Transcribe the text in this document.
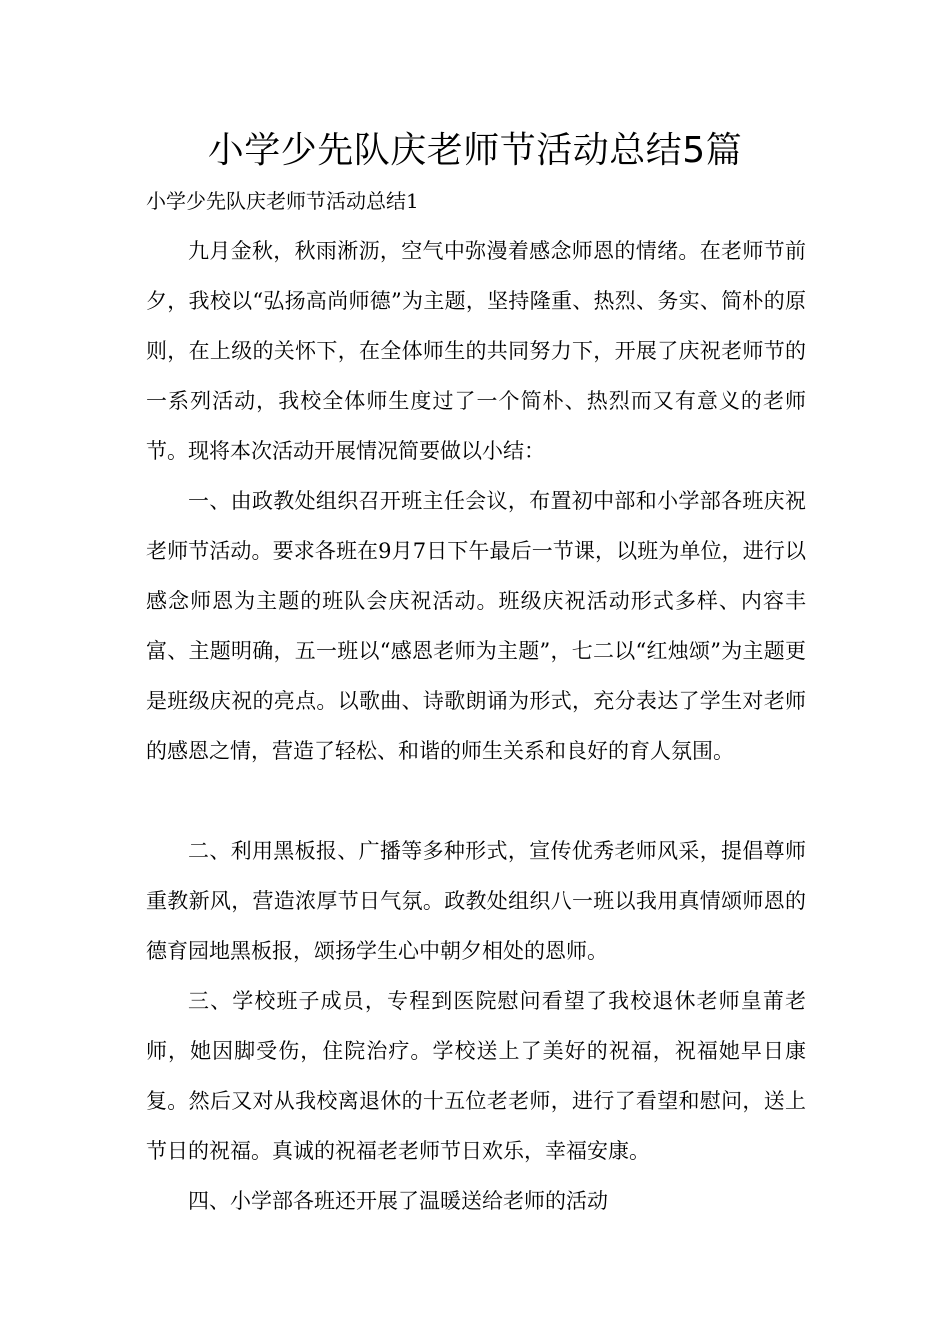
小学少先队庆老师节活动总结5篇
小学少先队庆老师节活动总结1

九月金秋，秋雨淅沥，空气中弥漫着感念师恩的情绪。在老师节前夕，我校以“弘扬高尚师德”为主题，坚持隆重、热烈、务实、简朴的原则，在上级的关怀下，在全体师生的共同努力下，开展了庆祝老师节的一系列活动，我校全体师生度过了一个简朴、热烈而又有意义的老师节。现将本次活动开展情况简要做以小结：

一、由政教处组织召开班主任会议，布置初中部和小学部各班庆祝老师节活动。要求各班在9月7日下午最后一节课，以班为单位，进行以感念师恩为主题的班队会庆祝活动。班级庆祝活动形式多样、内容丰富、主题明确，五一班以“感恩老师为主题”，七二以“红烛颂”为主题更是班级庆祝的亮点。以歌曲、诗歌朗诵为形式，充分表达了学生对老师的感恩之情，营造了轻松、和谐的师生关系和良好的育人氛围。

二、利用黑板报、广播等多种形式，宣传优秀老师风采，提倡尊师重教新风，营造浓厚节日气氛。政教处组织八一班以我用真情颂师恩的德育园地黑板报，颂扬学生心中朝夕相处的恩师。

三、学校班子成员，专程到医院慰问看望了我校退休老师皇莆老师，她因脚受伤，住院治疗。学校送上了美好的祝福，祝福她早日康复。然后又对从我校离退休的十五位老老师，进行了看望和慰问，送上节日的祝福。真诚的祝福老老师节日欢乐，幸福安康。

四、小学部各班还开展了温暖送给老师的活动
